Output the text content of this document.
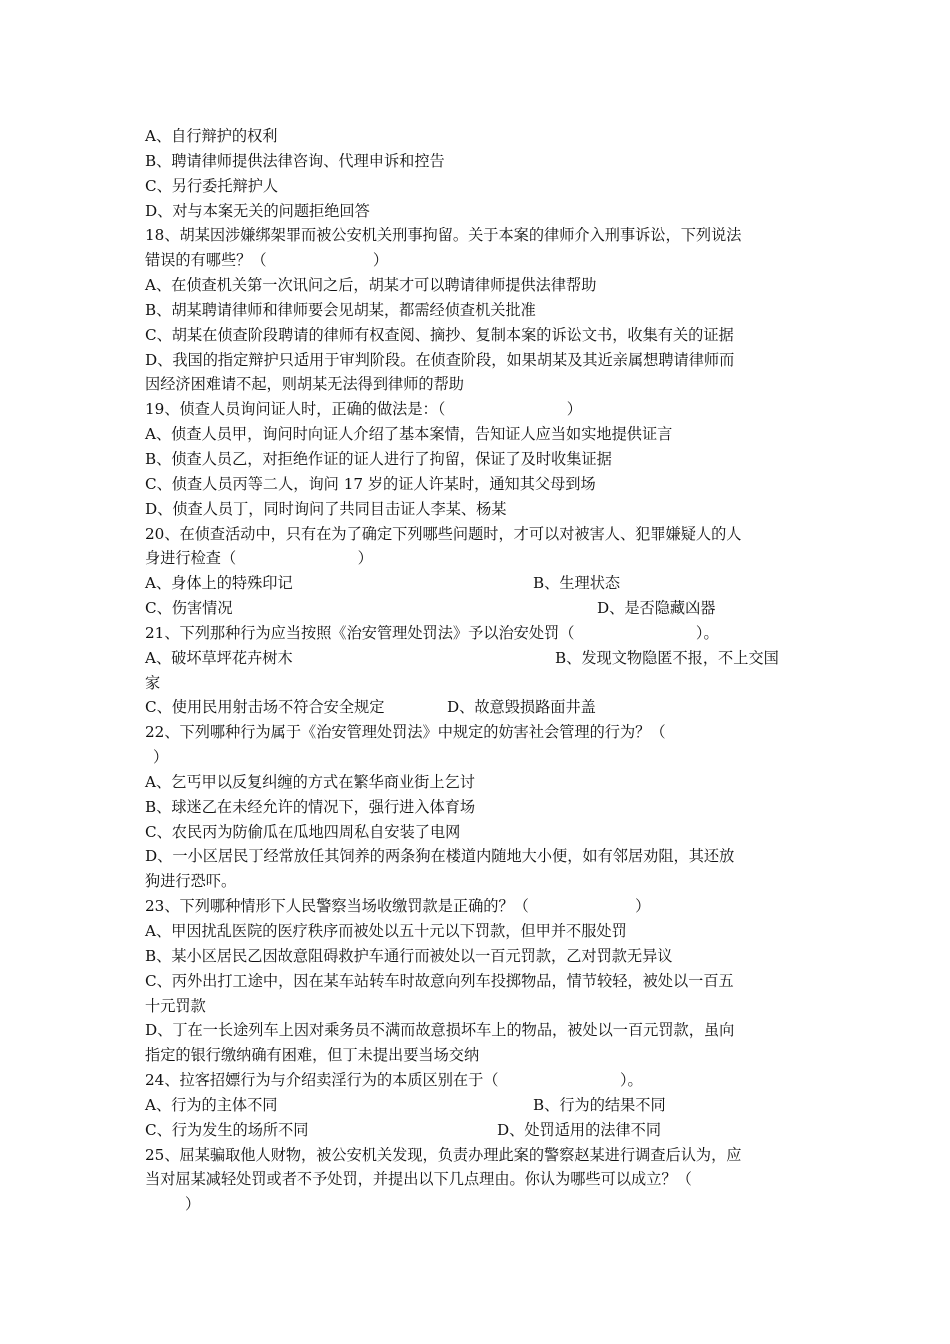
A、自行辩护的权利
B、聘请律师提供法律咨询、代理申诉和控告
C、另行委托辩护人
D、对与本案无关的问题拒绝回答
18、胡某因涉嫌绑架罪而被公安机关刑事拘留。关于本案的律师介入刑事诉讼，下列说法
错误的有哪些？（　　　　　　　）
A、在侦查机关第一次讯问之后，胡某才可以聘请律师提供法律帮助
B、胡某聘请律师和律师要会见胡某，都需经侦查机关批准
C、胡某在侦查阶段聘请的律师有权查阅、摘抄、复制本案的诉讼文书，收集有关的证据
D、我国的指定辩护只适用于审判阶段。在侦查阶段，如果胡某及其近亲属想聘请律师而
因经济困难请不起，则胡某无法得到律师的帮助
19、侦查人员询问证人时，正确的做法是：（　　　　　　　　）
A、侦查人员甲，询问时向证人介绍了基本案情，告知证人应当如实地提供证言
B、侦查人员乙，对拒绝作证的证人进行了拘留，保证了及时收集证据
C、侦查人员丙等二人，询问 17 岁的证人许某时，通知其父母到场
D、侦查人员丁，同时询问了共同目击证人李某、杨某
20、在侦查活动中，只有在为了确定下列哪些问题时，才可以对被害人、犯罪嫌疑人的人
身进行检查（　　　　　　　　）
A、身体上的特殊印记	B、生理状态
C、伤害情况	D、是否隐藏凶器
21、下列那种行为应当按照《治安管理处罚法》予以治安处罚（　　　　　　　　）。
A、破坏草坪花卉树木	B、发现文物隐匿不报，不上交国
家
C、使用民用射击场不符合安全规定	D、故意毁损路面井盖
22、下列哪种行为属于《治安管理处罚法》中规定的妨害社会管理的行为？（
）
A、乞丐甲以反复纠缠的方式在繁华商业街上乞讨
B、球迷乙在未经允许的情况下，强行进入体育场
C、农民丙为防偷瓜在瓜地四周私自安装了电网
D、一小区居民丁经常放任其饲养的两条狗在楼道内随地大小便，如有邻居劝阻，其还放
狗进行恐吓。
23、下列哪种情形下人民警察当场收缴罚款是正确的？（　　　　　　　）
A、甲因扰乱医院的医疗秩序而被处以五十元以下罚款，但甲并不服处罚
B、某小区居民乙因故意阻碍救护车通行而被处以一百元罚款，乙对罚款无异议
C、丙外出打工途中，因在某车站转车时故意向列车投掷物品，情节较轻，被处以一百五
十元罚款
D、丁在一长途列车上因对乘务员不满而故意损坏车上的物品，被处以一百元罚款，虽向
指定的银行缴纳确有困难，但丁未提出要当场交纳
24、拉客招嫖行为与介绍卖淫行为的本质区别在于（　　　　　　　　）。
A、行为的主体不同	B、行为的结果不同
C、行为发生的场所不同	D、处罚适用的法律不同
25、屈某骗取他人财物，被公安机关发现，负责办理此案的警察赵某进行调查后认为，应
当对屈某减轻处罚或者不予处罚，并提出以下几点理由。你认为哪些可以成立？（
）
